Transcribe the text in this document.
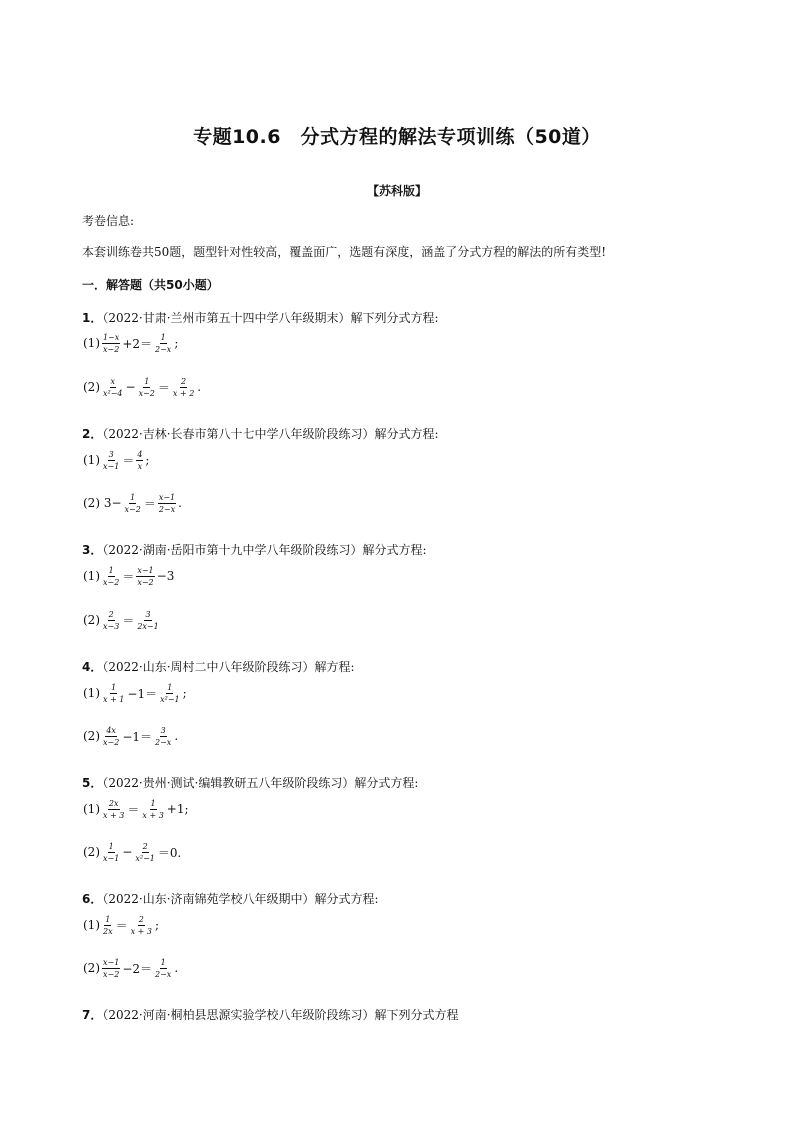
专题10.6　分式方程的解法专项训练（50道）
【苏科版】
考卷信息:
本套训练卷共50题，题型针对性较高，覆盖面广，选题有深度，涵盖了分式方程的解法的所有类型!
一．解答题（共50小题）
1．（2022·甘肃·兰州市第五十四中学八年级期末）解下列分式方程:
$(1) \frac{1-x}{x-2} +2= \frac{1}{2-x}$ ;
$(2) \frac{x}{\text{x²−4}} - \frac{1}{x-2} = \frac{2}{x + 2}$ .
2．（2022·吉林·长春市第八十七中学八年级阶段练习）解分式方程:
$(1) \frac{3}{x-1} = \frac{4}{x}$ ;
(2) $3- \frac{1}{x-2} = \frac{x-1}{2-x}$ .
3．（2022·湖南·岳阳市第十九中学八年级阶段练习）解分式方程:
$(1) \frac{1}{x-2} = \frac{x-1}{x-2} -3$
$(2) \frac{2}{x-3} = \frac{3}{2x-1}$
4．（2022·山东·周村二中八年级阶段练习）解方程:
$(1) \frac{1}{x + 1} -1= \frac{1}{\text{x²−1}}$ ;
$(2) \frac{4x}{x-2} -1= \frac{3}{2-x}$ .
5．（2022·贵州·测试·编辑教研五八年级阶段练习）解分式方程:
$(1) \frac{2x}{x + 3} = \frac{1}{x + 3} +1$;
$(2) \frac{1}{x-1} - \frac{2}{\text{x²−1}} =0$.
6．（2022·山东·济南锦苑学校八年级期中）解分式方程:
$(1) \frac{1}{2x} = \frac{2}{x + 3}$ ;
$(2) \frac{x-1}{x-2} -2= \frac{1}{2-x}$ .
7．（2022·河南·桐柏县思源实验学校八年级阶段练习）解下列分式方程
